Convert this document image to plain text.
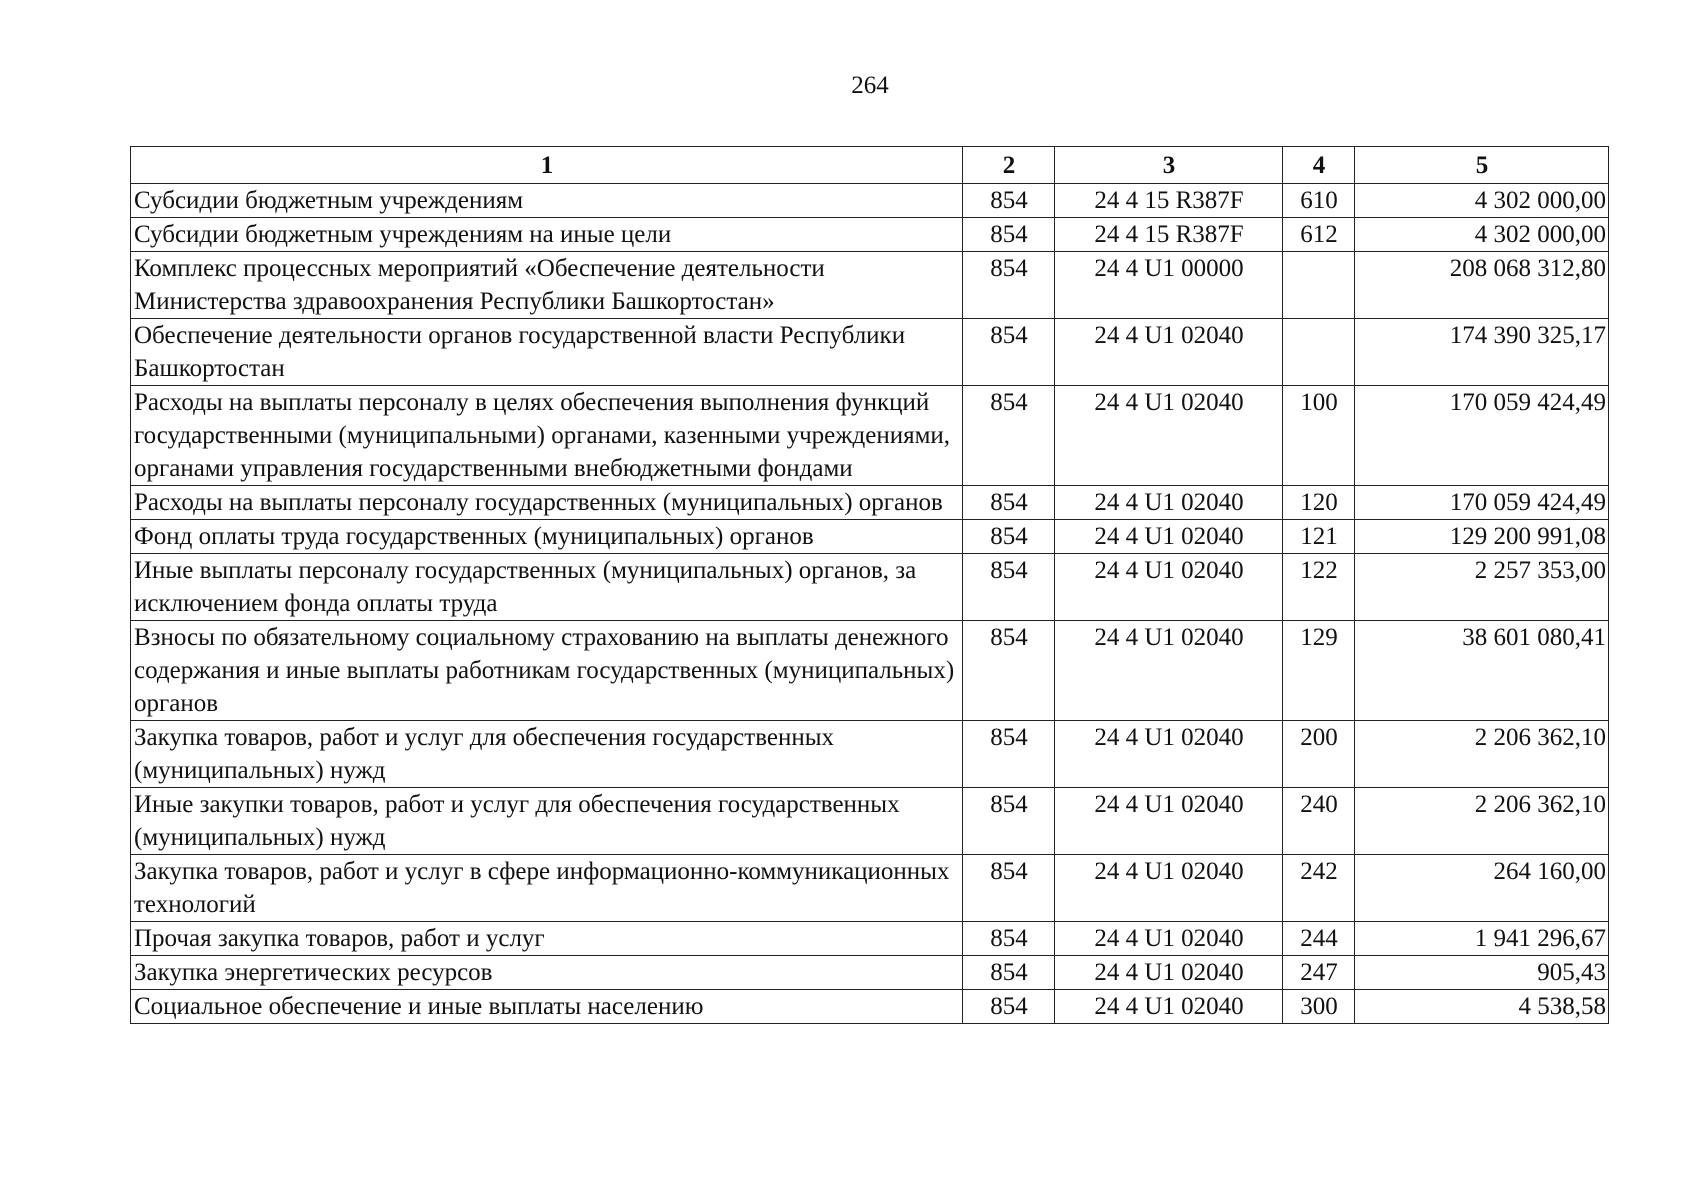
264
1	2	3	4	5
Субсидии бюджетным учреждениям	854	24 4 15 R387F	610	4 302 000,00
Субсидии бюджетным учреждениям на иные цели	854	24 4 15 R387F	612	4 302 000,00
Комплекс процессных мероприятий «Обеспечение деятельности Министерства здравоохранения Республики Башкортостан»	854	24 4 U1 00000		208 068 312,80
Обеспечение деятельности органов государственной власти Республики Башкортостан	854	24 4 U1 02040		174 390 325,17
Расходы на выплаты персоналу в целях обеспечения выполнения функций государственными (муниципальными) органами, казенными учреждениями, органами управления государственными внебюджетными фондами	854	24 4 U1 02040	100	170 059 424,49
Расходы на выплаты персоналу государственных (муниципальных) органов	854	24 4 U1 02040	120	170 059 424,49
Фонд оплаты труда государственных (муниципальных) органов	854	24 4 U1 02040	121	129 200 991,08
Иные выплаты персоналу государственных (муниципальных) органов, за исключением фонда оплаты труда	854	24 4 U1 02040	122	2 257 353,00
Взносы по обязательному социальному страхованию на выплаты денежного содержания и иные выплаты работникам государственных (муниципальных) органов	854	24 4 U1 02040	129	38 601 080,41
Закупка товаров, работ и услуг для обеспечения государственных (муниципальных) нужд	854	24 4 U1 02040	200	2 206 362,10
Иные закупки товаров, работ и услуг для обеспечения государственных (муниципальных) нужд	854	24 4 U1 02040	240	2 206 362,10
Закупка товаров, работ и услуг в сфере информационно-коммуникационных технологий	854	24 4 U1 02040	242	264 160,00
Прочая закупка товаров, работ и услуг	854	24 4 U1 02040	244	1 941 296,67
Закупка энергетических ресурсов	854	24 4 U1 02040	247	905,43
Социальное обеспечение и иные выплаты населению	854	24 4 U1 02040	300	4 538,58
